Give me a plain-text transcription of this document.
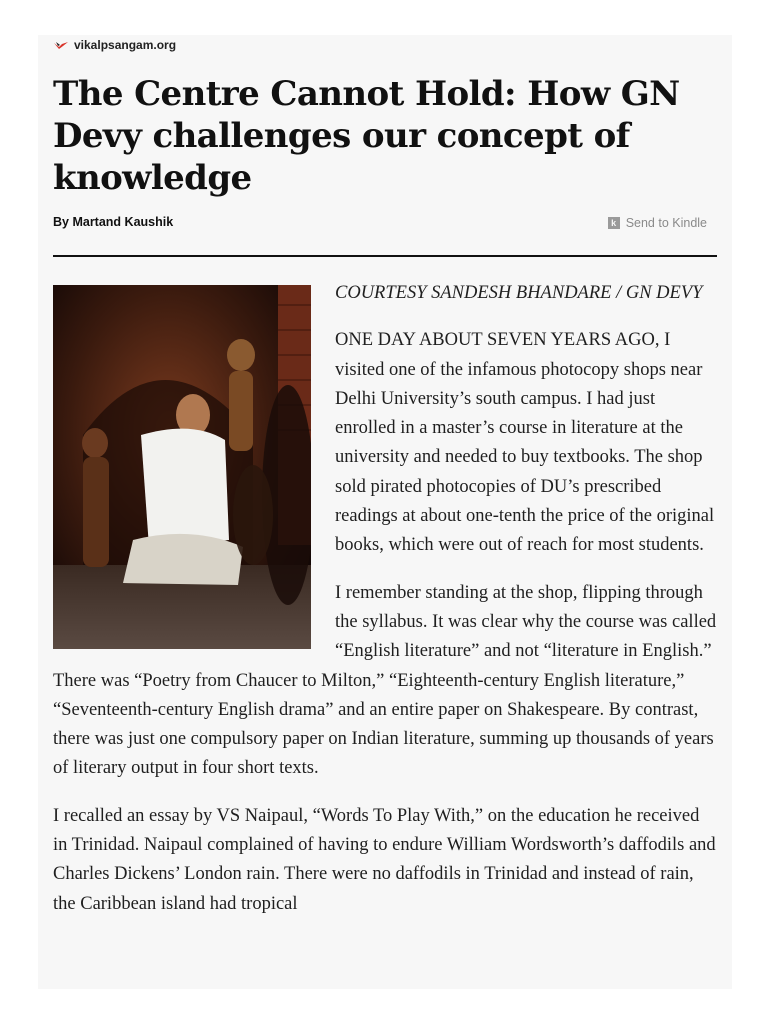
vikalpsangam.org
The Centre Cannot Hold: How GN Devy challenges our concept of knowledge
By Martand Kaushik	k Send to Kindle

COURTESY SANDESH BHANDARE / GN DEVY

ONE DAY ABOUT SEVEN YEARS AGO, I visited one of the infamous photocopy shops near Delhi University’s south campus. I had just enrolled in a master’s course in literature at the university and needed to buy textbooks. The shop sold pirated photocopies of DU’s prescribed readings at about one-tenth the price of the original books, which were out of reach for most students.

I remember standing at the shop, flipping through the syllabus. It was clear why the course was called “English literature” and not “literature in English.” There was “Poetry from Chaucer to Milton,” “Eighteenth-century English literature,” “Seventeenth-century English drama” and an entire paper on Shakespeare. By contrast, there was just one compulsory paper on Indian literature, summing up thousands of years of literary output in four short texts.

I recalled an essay by VS Naipaul, “Words To Play With,” on the education he received in Trinidad. Naipaul complained of having to endure William Wordsworth’s daffodils and Charles Dickens’ London rain. There were no daffodils in Trinidad and instead of rain, the Caribbean island had tropical
